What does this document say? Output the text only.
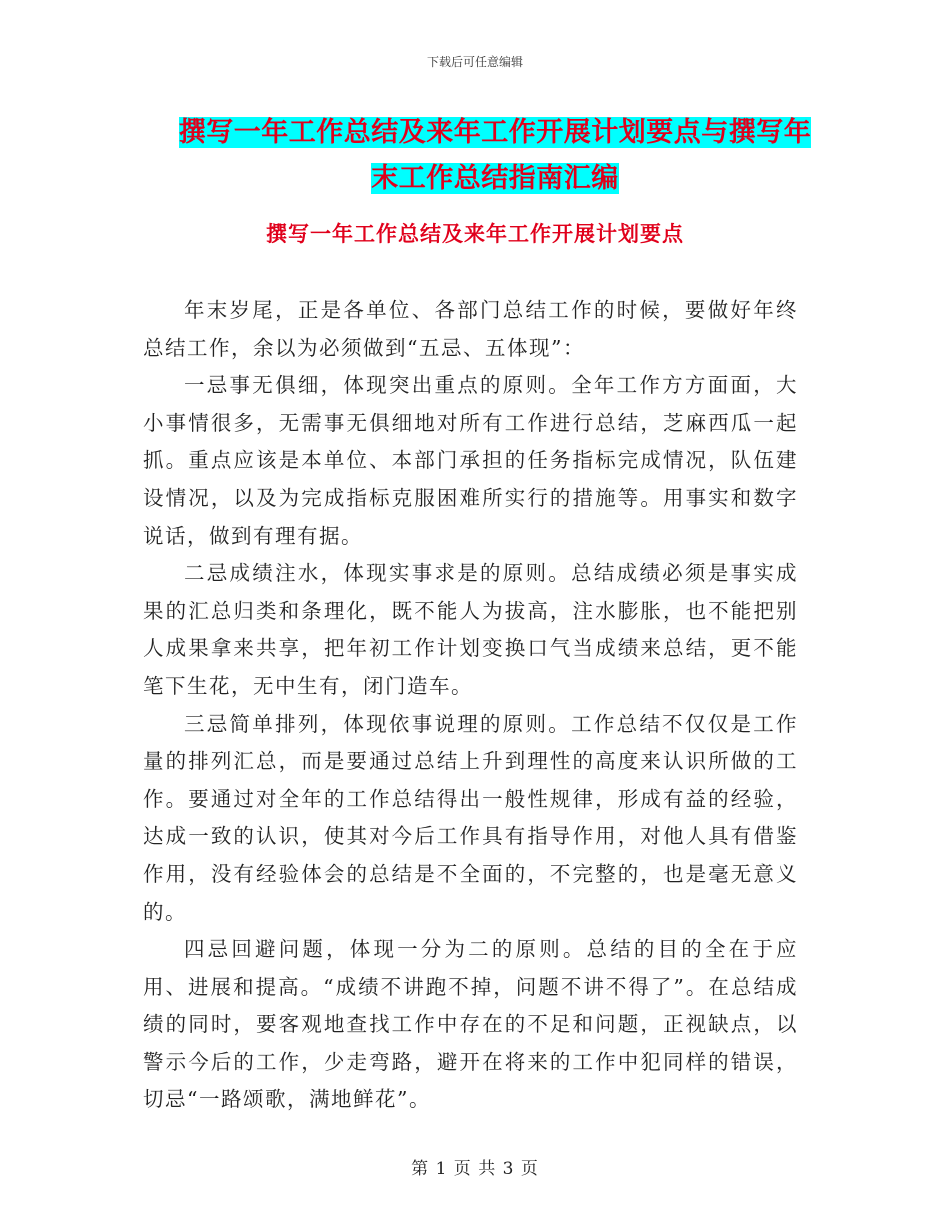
下载后可任意编辑
撰写一年工作总结及来年工作开展计划要点与撰写年
末工作总结指南汇编
撰写一年工作总结及来年工作开展计划要点

年末岁尾，正是各单位、各部门总结工作的时候，要做好年终总结工作，余以为必须做到“五忌、五体现”：

一忌事无俱细，体现突出重点的原则。全年工作方方面面，大小事情很多，无需事无俱细地对所有工作进行总结，芝麻西瓜一起抓。重点应该是本单位、本部门承担的任务指标完成情况，队伍建设情况，以及为完成指标克服困难所实行的措施等。用事实和数字说话，做到有理有据。

二忌成绩注水，体现实事求是的原则。总结成绩必须是事实成果的汇总归类和条理化，既不能人为拔高，注水膨胀，也不能把别人成果拿来共享，把年初工作计划变换口气当成绩来总结，更不能笔下生花，无中生有，闭门造车。

三忌简单排列，体现依事说理的原则。工作总结不仅仅是工作量的排列汇总，而是要通过总结上升到理性的高度来认识所做的工作。要通过对全年的工作总结得出一般性规律，形成有益的经验，达成一致的认识，使其对今后工作具有指导作用，对他人具有借鉴作用，没有经验体会的总结是不全面的，不完整的，也是毫无意义的。

四忌回避问题，体现一分为二的原则。总结的目的全在于应用、进展和提高。“成绩不讲跑不掉，问题不讲不得了”。在总结成绩的同时，要客观地查找工作中存在的不足和问题，正视缺点，以警示今后的工作，少走弯路，避开在将来的工作中犯同样的错误，切忌“一路颂歌，满地鲜花”。

第 1 页 共 3 页
